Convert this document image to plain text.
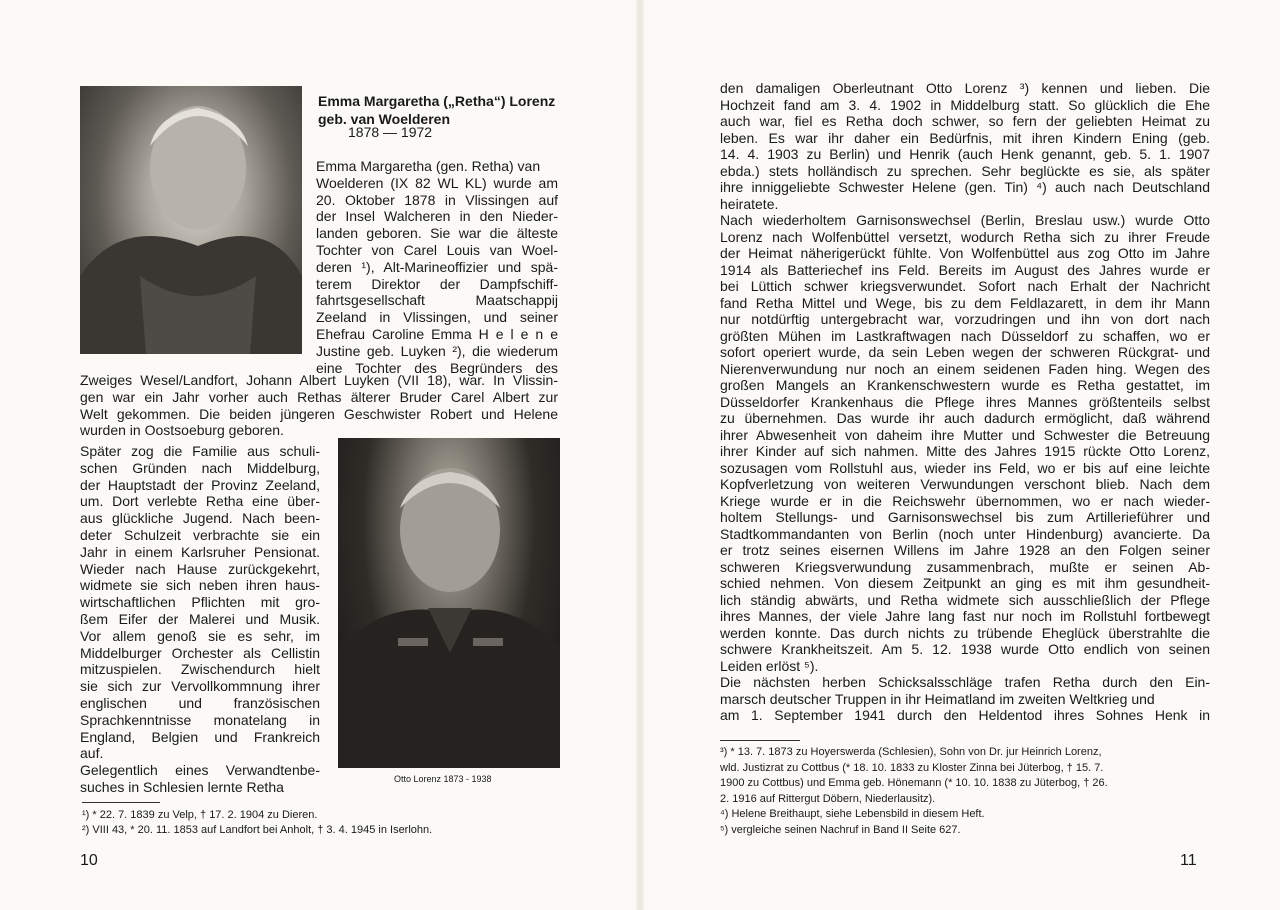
Emma Margaretha („Retha“) Lorenz
geb. van Woelderen
1878 — 1972
Emma Margaretha (gen. Retha) van
Woelderen (IX 82 WL KL) wurde am
20. Oktober 1878 in Vlissingen auf
der Insel Walcheren in den Nieder-
landen geboren. Sie war die älteste
Tochter von Carel Louis van Woel-
deren ¹), Alt-Marineoffizier und spä-
terem Direktor der Dampfschiff-
fahrtsgesellschaft Maatschappij
Zeeland in Vlissingen, und seiner
Ehefrau Caroline Emma H e l e n e
Justine geb. Luyken ²), die wiederum
eine Tochter des Begründers des
Zweiges Wesel/Landfort, Johann Albert Luyken (VII 18), war. In Vlissin-
gen war ein Jahr vorher auch Rethas älterer Bruder Carel Albert zur
Welt gekommen. Die beiden jüngeren Geschwister Robert und Helene
wurden in Oostsoeburg geboren.
Später zog die Familie aus schuli-
schen Gründen nach Middelburg,
der Hauptstadt der Provinz Zeeland,
um. Dort verlebte Retha eine über-
aus glückliche Jugend. Nach been-
deter Schulzeit verbrachte sie ein
Jahr in einem Karlsruher Pensionat.
Wieder nach Hause zurückgekehrt,
widmete sie sich neben ihren haus-
wirtschaftlichen Pflichten mit gro-
ßem Eifer der Malerei und Musik.
Vor allem genoß sie es sehr, im
Middelburger Orchester als Cellistin
mitzuspielen. Zwischendurch hielt
sie sich zur Vervollkommnung ihrer
englischen und französischen
Sprachkenntnisse monatelang in
England, Belgien und Frankreich
auf.
Gelegentlich eines Verwandtenbe-
suches in Schlesien lernte Retha	Otto Lorenz 1873 - 1938
¹) * 22. 7. 1839 zu Velp, † 17. 2. 1904 zu Dieren.
²) VIII 43, * 20. 11. 1853 auf Landfort bei Anholt, † 3. 4. 1945 in Iserlohn.
10
den damaligen Oberleutnant Otto Lorenz ³) kennen und lieben. Die
Hochzeit fand am 3. 4. 1902 in Middelburg statt. So glücklich die Ehe
auch war, fiel es Retha doch schwer, so fern der geliebten Heimat zu
leben. Es war ihr daher ein Bedürfnis, mit ihren Kindern Ening (geb.
14. 4. 1903 zu Berlin) und Henrik (auch Henk genannt, geb. 5. 1. 1907
ebda.) stets holländisch zu sprechen. Sehr beglückte es sie, als später
ihre inniggeliebte Schwester Helene (gen. Tin) ⁴) auch nach Deutschland
heiratete.
Nach wiederholtem Garnisonswechsel (Berlin, Breslau usw.) wurde Otto
Lorenz nach Wolfenbüttel versetzt, wodurch Retha sich zu ihrer Freude
der Heimat näherigerückt fühlte. Von Wolfenbüttel aus zog Otto im Jahre
1914 als Batteriechef ins Feld. Bereits im August des Jahres wurde er
bei Lüttich schwer kriegsverwundet. Sofort nach Erhalt der Nachricht
fand Retha Mittel und Wege, bis zu dem Feldlazarett, in dem ihr Mann
nur notdürftig untergebracht war, vorzudringen und ihn von dort nach
größten Mühen im Lastkraftwagen nach Düsseldorf zu schaffen, wo er
sofort operiert wurde, da sein Leben wegen der schweren Rückgrat- und
Nierenverwundung nur noch an einem seidenen Faden hing. Wegen des
großen Mangels an Krankenschwestern wurde es Retha gestattet, im
Düsseldorfer Krankenhaus die Pflege ihres Mannes größtenteils selbst
zu übernehmen. Das wurde ihr auch dadurch ermöglicht, daß während
ihrer Abwesenheit von daheim ihre Mutter und Schwester die Betreuung
ihrer Kinder auf sich nahmen. Mitte des Jahres 1915 rückte Otto Lorenz,
sozusagen vom Rollstuhl aus, wieder ins Feld, wo er bis auf eine leichte
Kopfverletzung von weiteren Verwundungen verschont blieb. Nach dem
Kriege wurde er in die Reichswehr übernommen, wo er nach wieder-
holtem Stellungs- und Garnisonswechsel bis zum Artillerieführer und
Stadtkommandanten von Berlin (noch unter Hindenburg) avancierte. Da
er trotz seines eisernen Willens im Jahre 1928 an den Folgen seiner
schweren Kriegsverwundung zusammenbrach, mußte er seinen Ab-
schied nehmen. Von diesem Zeitpunkt an ging es mit ihm gesundheit-
lich ständig abwärts, und Retha widmete sich ausschließlich der Pflege
ihres Mannes, der viele Jahre lang fast nur noch im Rollstuhl fortbewegt
werden konnte. Das durch nichts zu trübende Eheglück überstrahlte die
schwere Krankheitszeit. Am 5. 12. 1938 wurde Otto endlich von seinen
Leiden erlöst ⁵).
Die nächsten herben Schicksalsschläge trafen Retha durch den Ein-
marsch deutscher Truppen in ihr Heimatland im zweiten Weltkrieg und
am 1. September 1941 durch den Heldentod ihres Sohnes Henk in
³) * 13. 7. 1873 zu Hoyerswerda (Schlesien), Sohn von Dr. jur Heinrich Lorenz,
wld. Justizrat zu Cottbus (* 18. 10. 1833 zu Kloster Zinna bei Jüterbog, † 15. 7.
1900 zu Cottbus) und Emma geb. Hönemann (* 10. 10. 1838 zu Jüterbog, † 26.
2. 1916 auf Rittergut Döbern, Niederlausitz).
⁴) Helene Breithaupt, siehe Lebensbild in diesem Heft.
⁵) vergleiche seinen Nachruf in Band II Seite 627.
11
